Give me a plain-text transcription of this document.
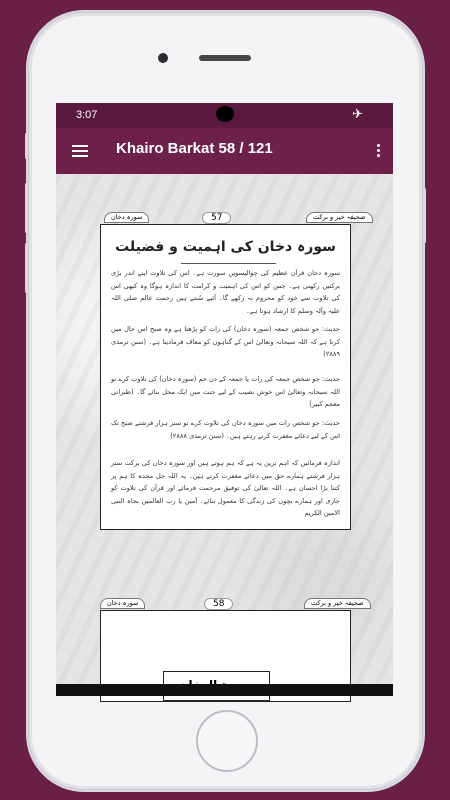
3:07	✈
Khairo Barkat 58 / 121
سورہ دخان	57	صحیفہ خیر و برکت
سورہ دخان کی اہمیت و فضیلت
سورہ دخان قرآن عظیم کی چوالیسویں سورت ہے۔ اس کی تلاوت اپنے اندر بڑی برکتیں رکھتی ہے۔ جس کو اس کی اہمیت و کرامت کا اندازہ ہوگا وہ کبھی اس کی تلاوت سے خود کو محروم نہ رکھے گا۔ آئیے سُنتے ہیں رحمت عالم صلی اللہ علیہ وآلہ وسلم کا ارشاد ہوتا ہے۔
حدیث: جو شخص جمعہ (سورہ دخان) کی رات کو پڑھتا ہے وہ صبح اس حال میں کرتا ہے کہ اللہ سبحانہ وتعالیٰ اس کے گناہوں کو معاف فرمادیتا ہے۔ (سنن ترمذی ۲۸۸۹)
حدیث: جو شخص جمعہ کی رات یا جمعہ کے دن حم (سورہ دخان) کی تلاوت کرے تو اللہ سبحانہ وتعالیٰ اس خوش نصیب کے لیے جنت میں ایک محل بنائے گا۔ (طبرانی معجم کبیر)
حدیث: جو شخص رات میں سورہ دخان کی تلاوت کرے تو ستر ہزار فرشتے صبح تک اس کے لیے دعائے مغفرت کرتے رہتے ہیں۔ (سنن ترمذی ۲۸۸۸)
اندازہ فرمائیں کہ اہم ترین یہ ہے کہ ہم ہوتے ہیں اور سورہ دخان کی برکت ستر ہزار فرشتے ہمارے حق میں دعائے مغفرت کرتے ہیں۔ یہ اللہ جل مجدہ کا ہم پر کتنا بڑا احسان ہے۔ اللہ تعالیٰ کی توفیق مرحمت فرمائے اور قرآن کی تلاوت کو جاری اور ہمارے بچوں کی زندگی کا معمول بنائے۔ آمین یا رب العالمین بجاہ النبی الامین الکریم
سورہ دخان	58	صحیفہ خیر و برکت
